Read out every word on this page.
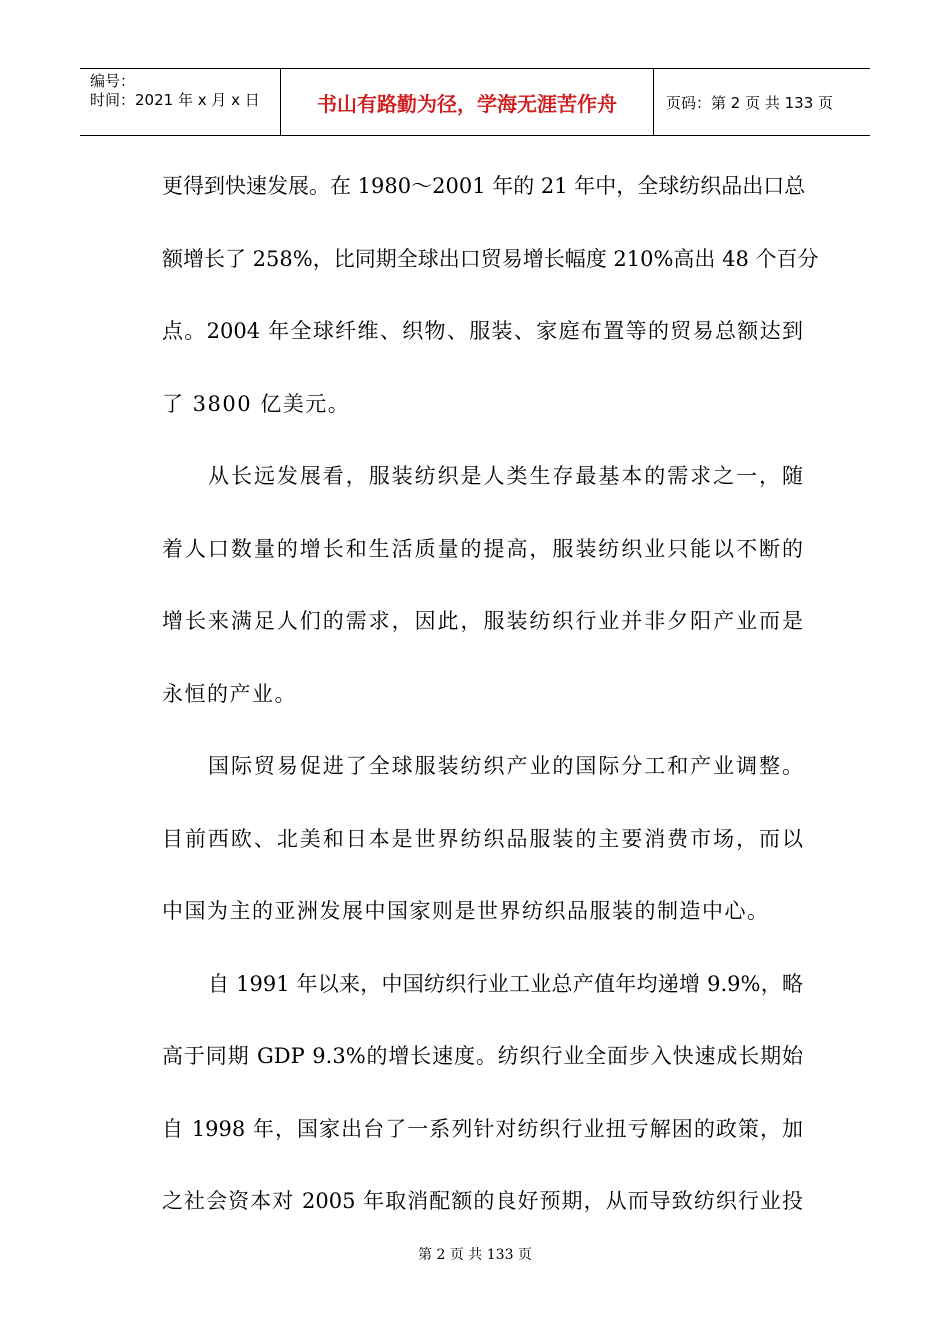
编号：
时间：2021 年 x 月 x 日	书山有路勤为径，学海无涯苦作舟	页码：第 2 页 共 133 页
更得到快速发展。在 1980～2001 年的 21 年中，全球纺织品出口总
额增长了 258%，比同期全球出口贸易增长幅度 210%高出 48 个百分
点。2004 年全球纤维、织物、服装、家庭布置等的贸易总额达到
了 3800 亿美元。
从长远发展看，服装纺织是人类生存最基本的需求之一，随
着人口数量的增长和生活质量的提高，服装纺织业只能以不断的
增长来满足人们的需求，因此，服装纺织行业并非夕阳产业而是
永恒的产业。
国际贸易促进了全球服装纺织产业的国际分工和产业调整。
目前西欧、北美和日本是世界纺织品服装的主要消费市场，而以
中国为主的亚洲发展中国家则是世界纺织品服装的制造中心。
自 1991 年以来，中国纺织行业工业总产值年均递增 9.9%，略
高于同期 GDP 9.3%的增长速度。纺织行业全面步入快速成长期始
自 1998 年，国家出台了一系列针对纺织行业扭亏解困的政策，加
之社会资本对 2005 年取消配额的良好预期，从而导致纺织行业投
第 2 页 共 133 页
